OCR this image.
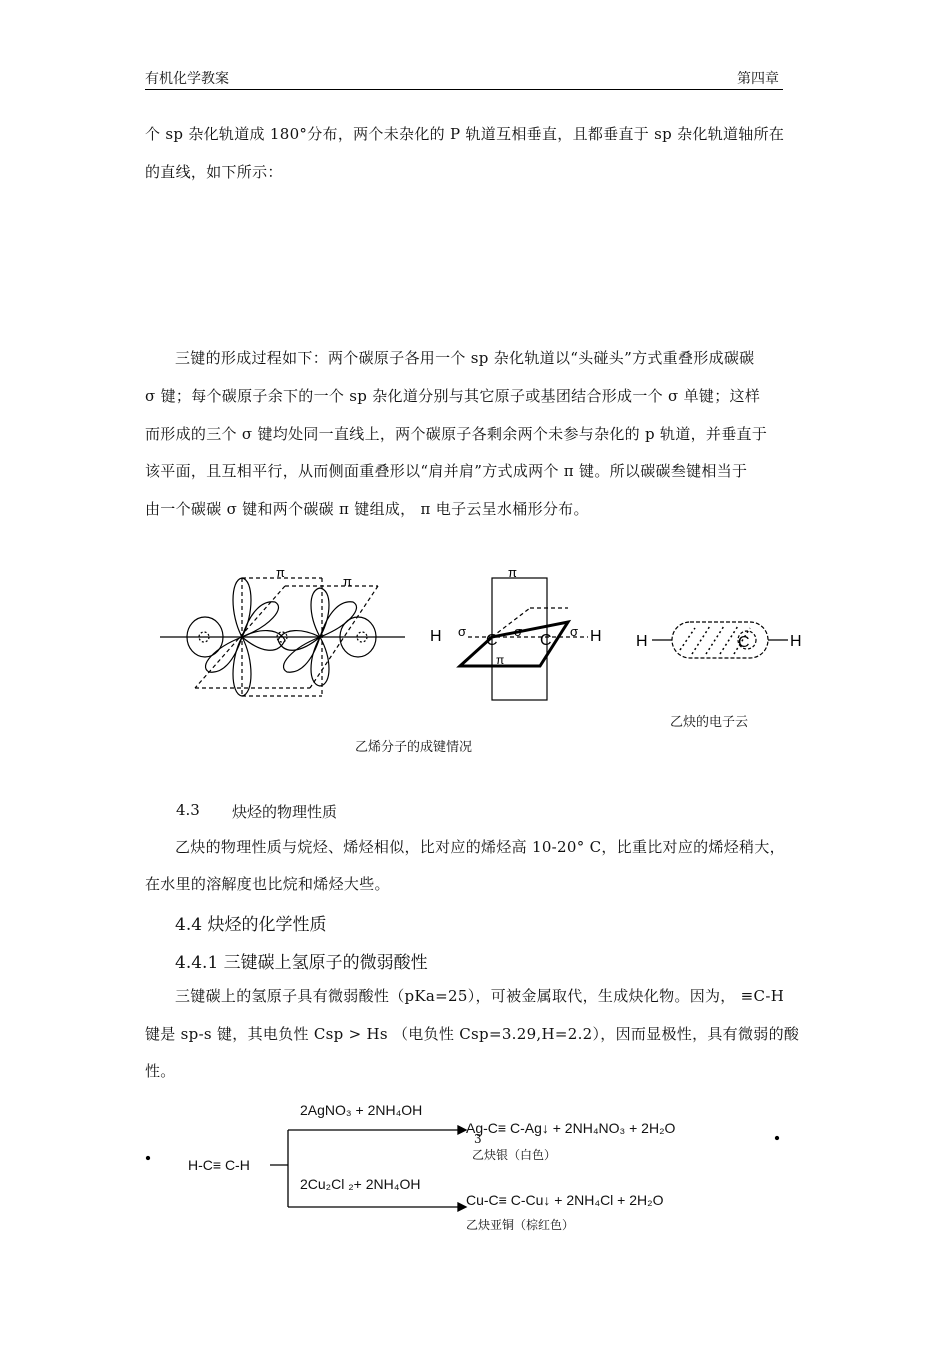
有机化学教案	第四章
个 sp 杂化轨道成 180°分布，两个未杂化的 P 轨道互相垂直，且都垂直于 sp 杂化轨道轴所在
的直线，如下所示：
三键的形成过程如下：两个碳原子各用一个 sp 杂化轨道以“头碰头”方式重叠形成碳碳
σ 键；每个碳原子余下的一个 sp 杂化道分别与其它原子或基团结合形成一个 σ 单键；这样
而形成的三个 σ 键均处同一直线上，两个碳原子各剩余两个未参与杂化的 p 轨道，并垂直于
该平面，且互相平行，从而侧面重叠形以“肩并肩”方式成两个 π 键。所以碳碳叁键相当于
由一个碳碳 σ 键和两个碳碳 π 键组成， π 电子云呈水桶形分布。
π
π
H σ
C
σ
C
σ H
π
π
H	C	H
乙炔的电子云
乙烯分子的成键情况
4.3 炔烃的物理性质
乙炔的物理性质与烷烃、烯烃相似，比对应的烯烃高 10-20° C，比重比对应的烯烃稍大，
在水里的溶解度也比烷和烯烃大些。
4.4 炔烃的化学性质
4.4.1 三键碳上氢原子的微弱酸性
三键碳上的氢原子具有微弱酸性（pKa=25），可被金属取代，生成炔化物。因为， ≡C-H
键是 sp-s 键，其电负性 Csp > Hs （电负性 Csp=3.29,H=2.2），因而显极性，具有微弱的酸
性。
H-C≡ C-H
2AgNO₃ + 2NH₄OH
Ag-C≡ C-Ag↓ + 2NH₄NO₃ + 2H₂O
3
乙炔银（白色）
2Cu₂Cl ₂+ 2NH₄OH
Cu-C≡ C-Cu↓ + 2NH₄Cl + 2H₂O
乙炔亚铜（棕红色）
